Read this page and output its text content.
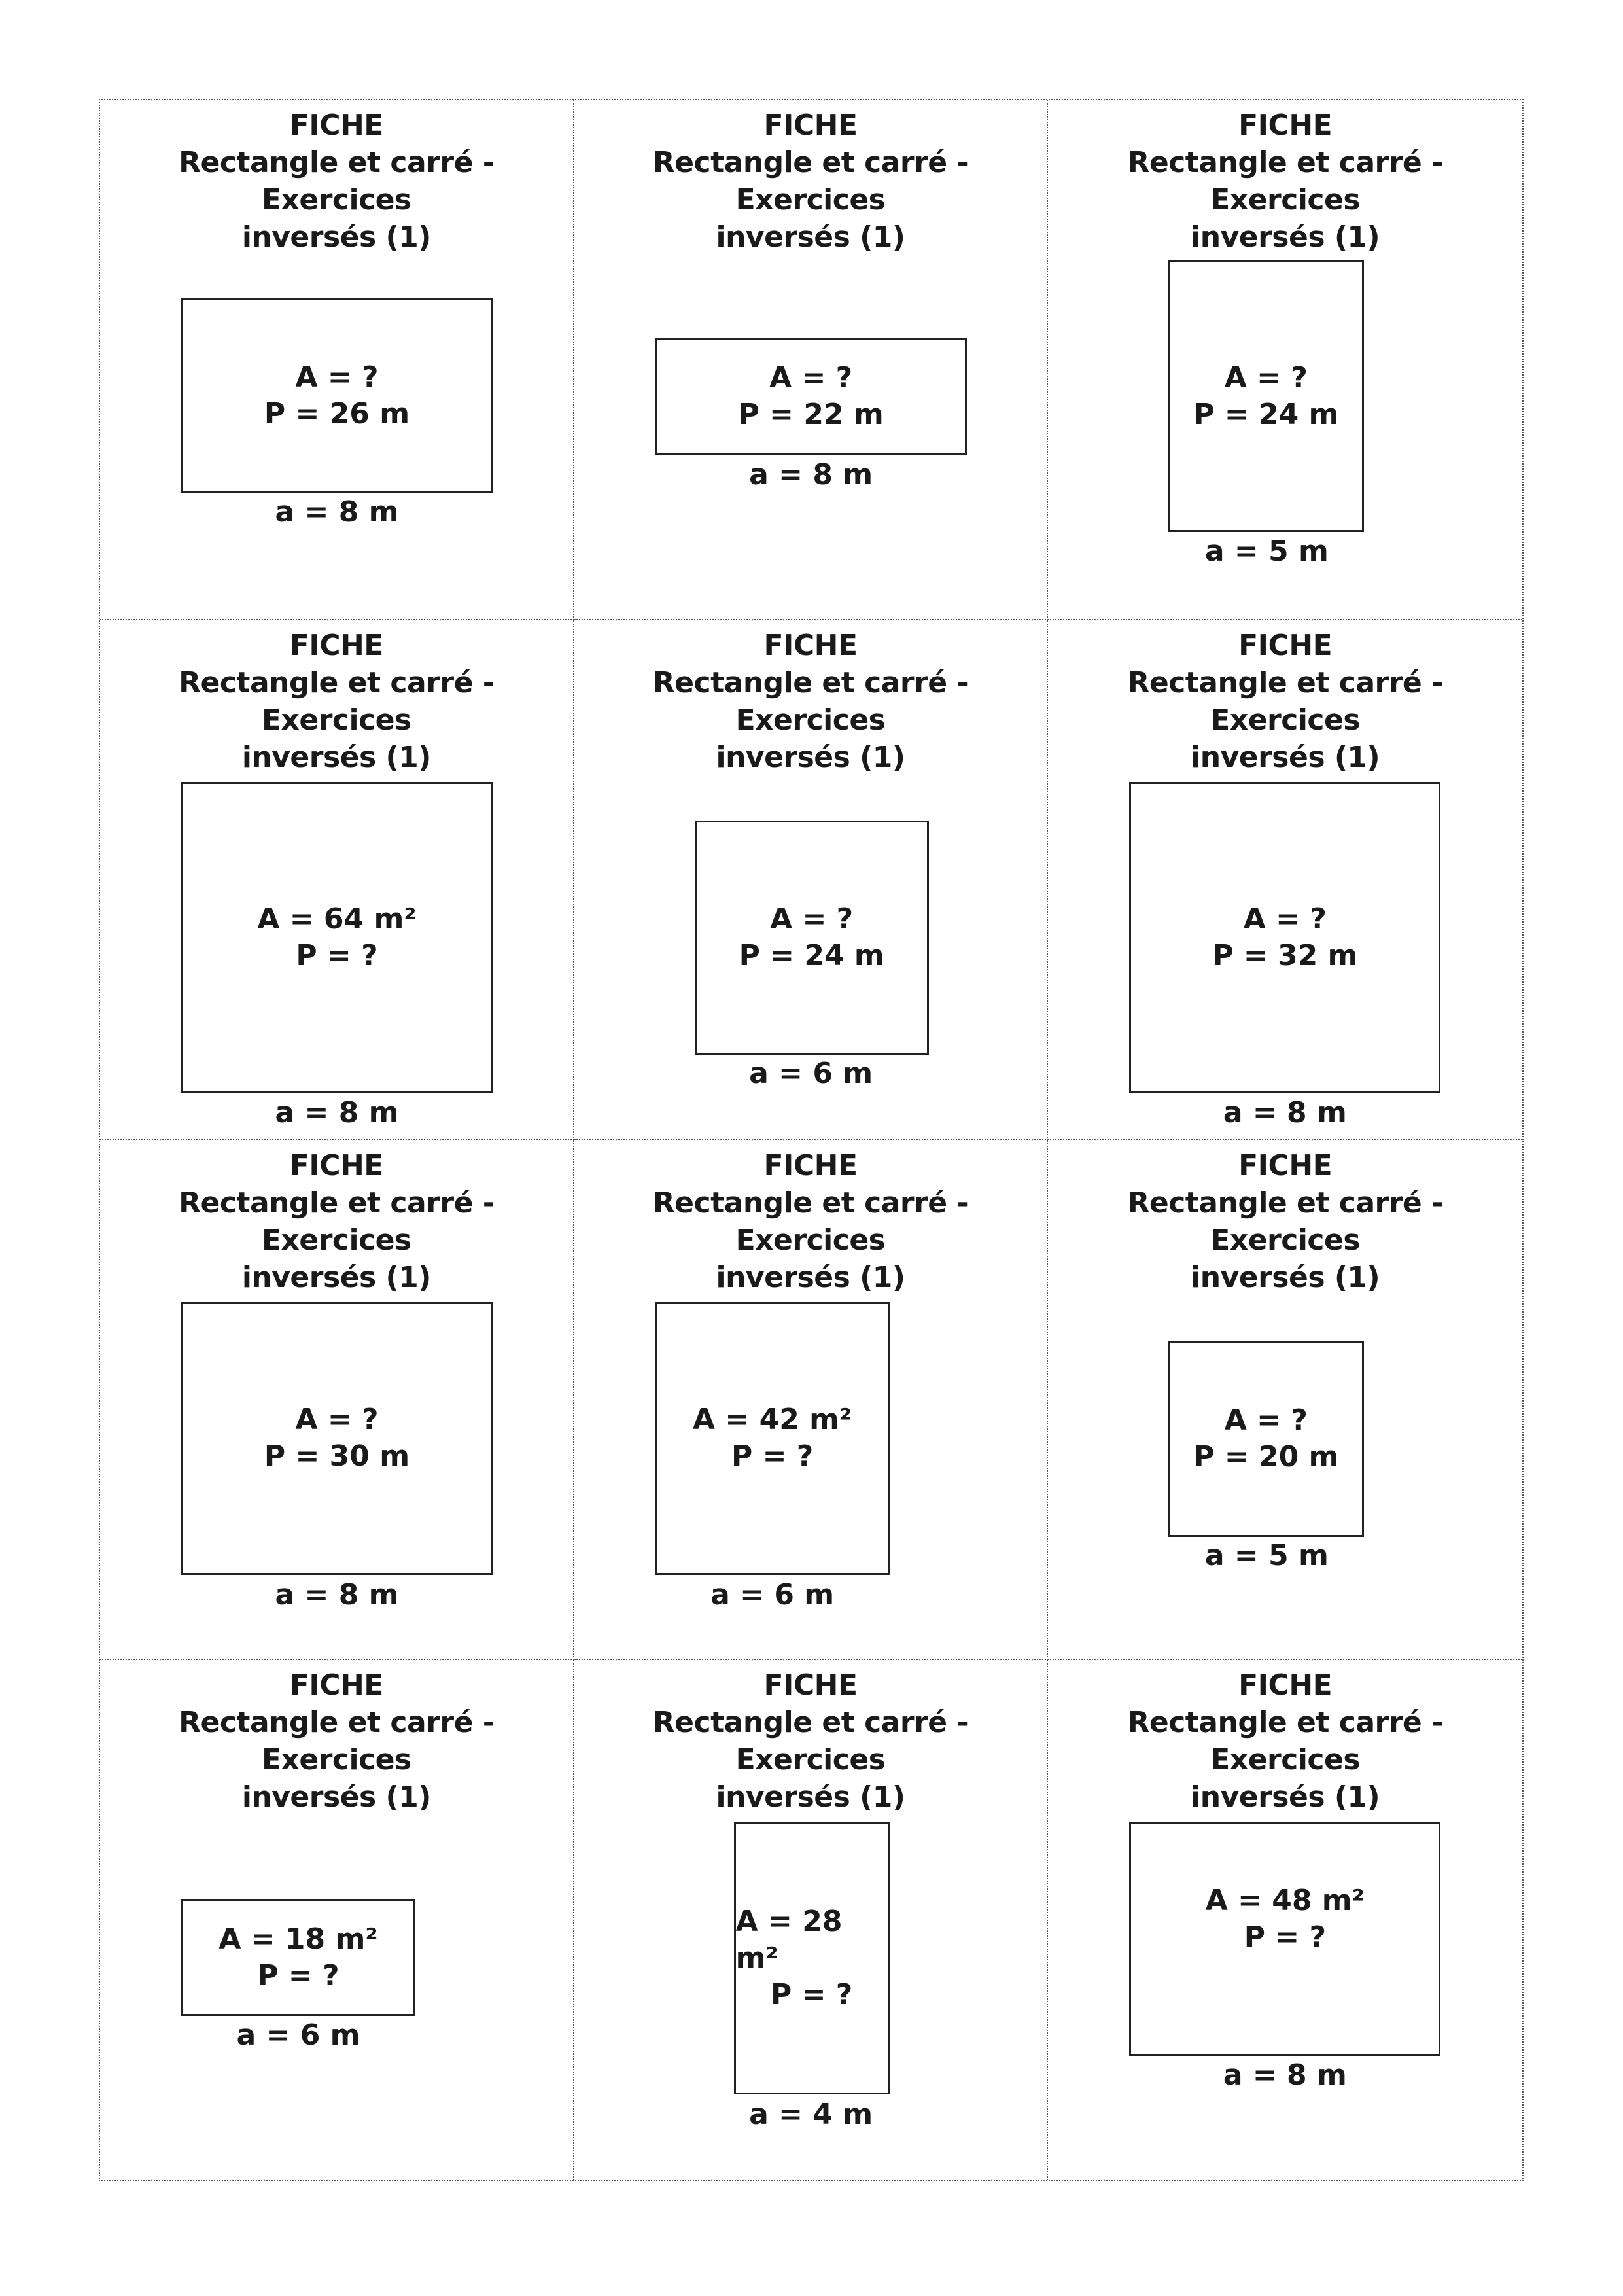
FICHE
Rectangle et carré - Exercices
inversés (1)
A = ?
P = 26 m
a = 8 m
FICHE
Rectangle et carré - Exercices
inversés (1)
A = ?
P = 22 m
a = 8 m
FICHE
Rectangle et carré - Exercices
inversés (1)
A = ?
P = 24 m
a = 5 m
FICHE
Rectangle et carré - Exercices
inversés (1)
A = 64 m²
P = ?
a = 8 m
FICHE
Rectangle et carré - Exercices
inversés (1)
A = ?
P = 24 m
a = 6 m
FICHE
Rectangle et carré - Exercices
inversés (1)
A = ?
P = 32 m
a = 8 m
FICHE
Rectangle et carré - Exercices
inversés (1)
A = ?
P = 30 m
a = 8 m
FICHE
Rectangle et carré - Exercices
inversés (1)
A = 42 m²
P = ?
a = 6 m
FICHE
Rectangle et carré - Exercices
inversés (1)
A = ?
P = 20 m
a = 5 m
FICHE
Rectangle et carré - Exercices
inversés (1)
A = 18 m²
P = ?
a = 6 m
FICHE
Rectangle et carré - Exercices
inversés (1)
A = 28 m²
P = ?
a = 4 m
FICHE
Rectangle et carré - Exercices
inversés (1)
A = 48 m²
P = ?
a = 8 m
